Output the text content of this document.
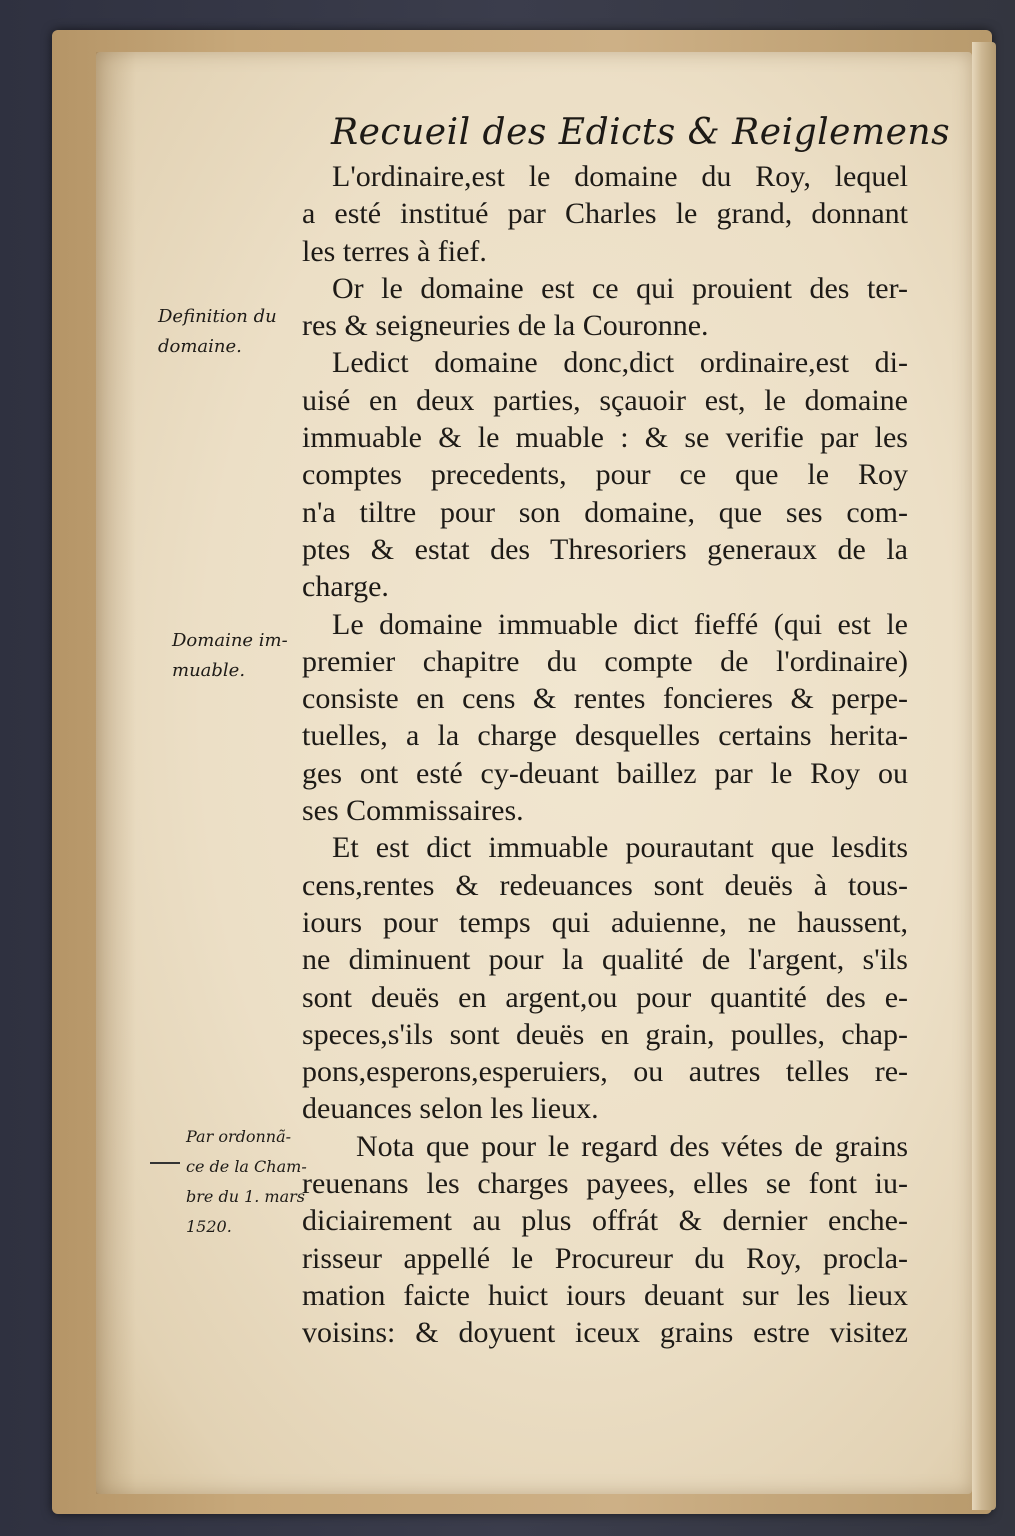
Recueil des Edicts & Reiglemens
L'ordinaire,est le domaine du Roy, lequel
a esté institué par Charles le grand, donnant
les terres à fief.
Or le domaine est ce qui prouient des ter-
res & seigneuries de la Couronne.
Ledict domaine donc,dict ordinaire,est di-
uisé en deux parties, sçauoir est, le domaine
immuable & le muable : & se verifie par les
comptes precedents, pour ce que le Roy
n'a tiltre pour son domaine, que ses com-
ptes & estat des Thresoriers generaux de la
charge.
Le domaine immuable dict fieffé (qui est le
premier chapitre du compte de l'ordinaire)
consiste en cens & rentes foncieres & perpe-
tuelles, a la charge desquelles certains herita-
ges ont esté cy-deuant baillez par le Roy ou
ses Commissaires.
Et est dict immuable pourautant que lesdits
cens,rentes & redeuances sont deuës à tous-
iours pour temps qui aduienne, ne haussent,
ne diminuent pour la qualité de l'argent, s'ils
sont deuës en argent,ou pour quantité des e-
speces,s'ils sont deuës en grain, poulles, chap-
pons,esperons,esperuiers, ou autres telles re-
deuances selon les lieux.
Nota que pour le regard des vétes de grains
reuenans les charges payees, elles se font iu-
diciairement au plus offrát & dernier enche-
risseur appellé le Procureur du Roy, procla-
mation faicte huict iours deuant sur les lieux
voisins: & doyuent iceux grains estre visitez
Definition du
domaine.
Domaine im-
muable.
Par ordonnã-
ce de la Cham-
bre du 1. mars
1520.
